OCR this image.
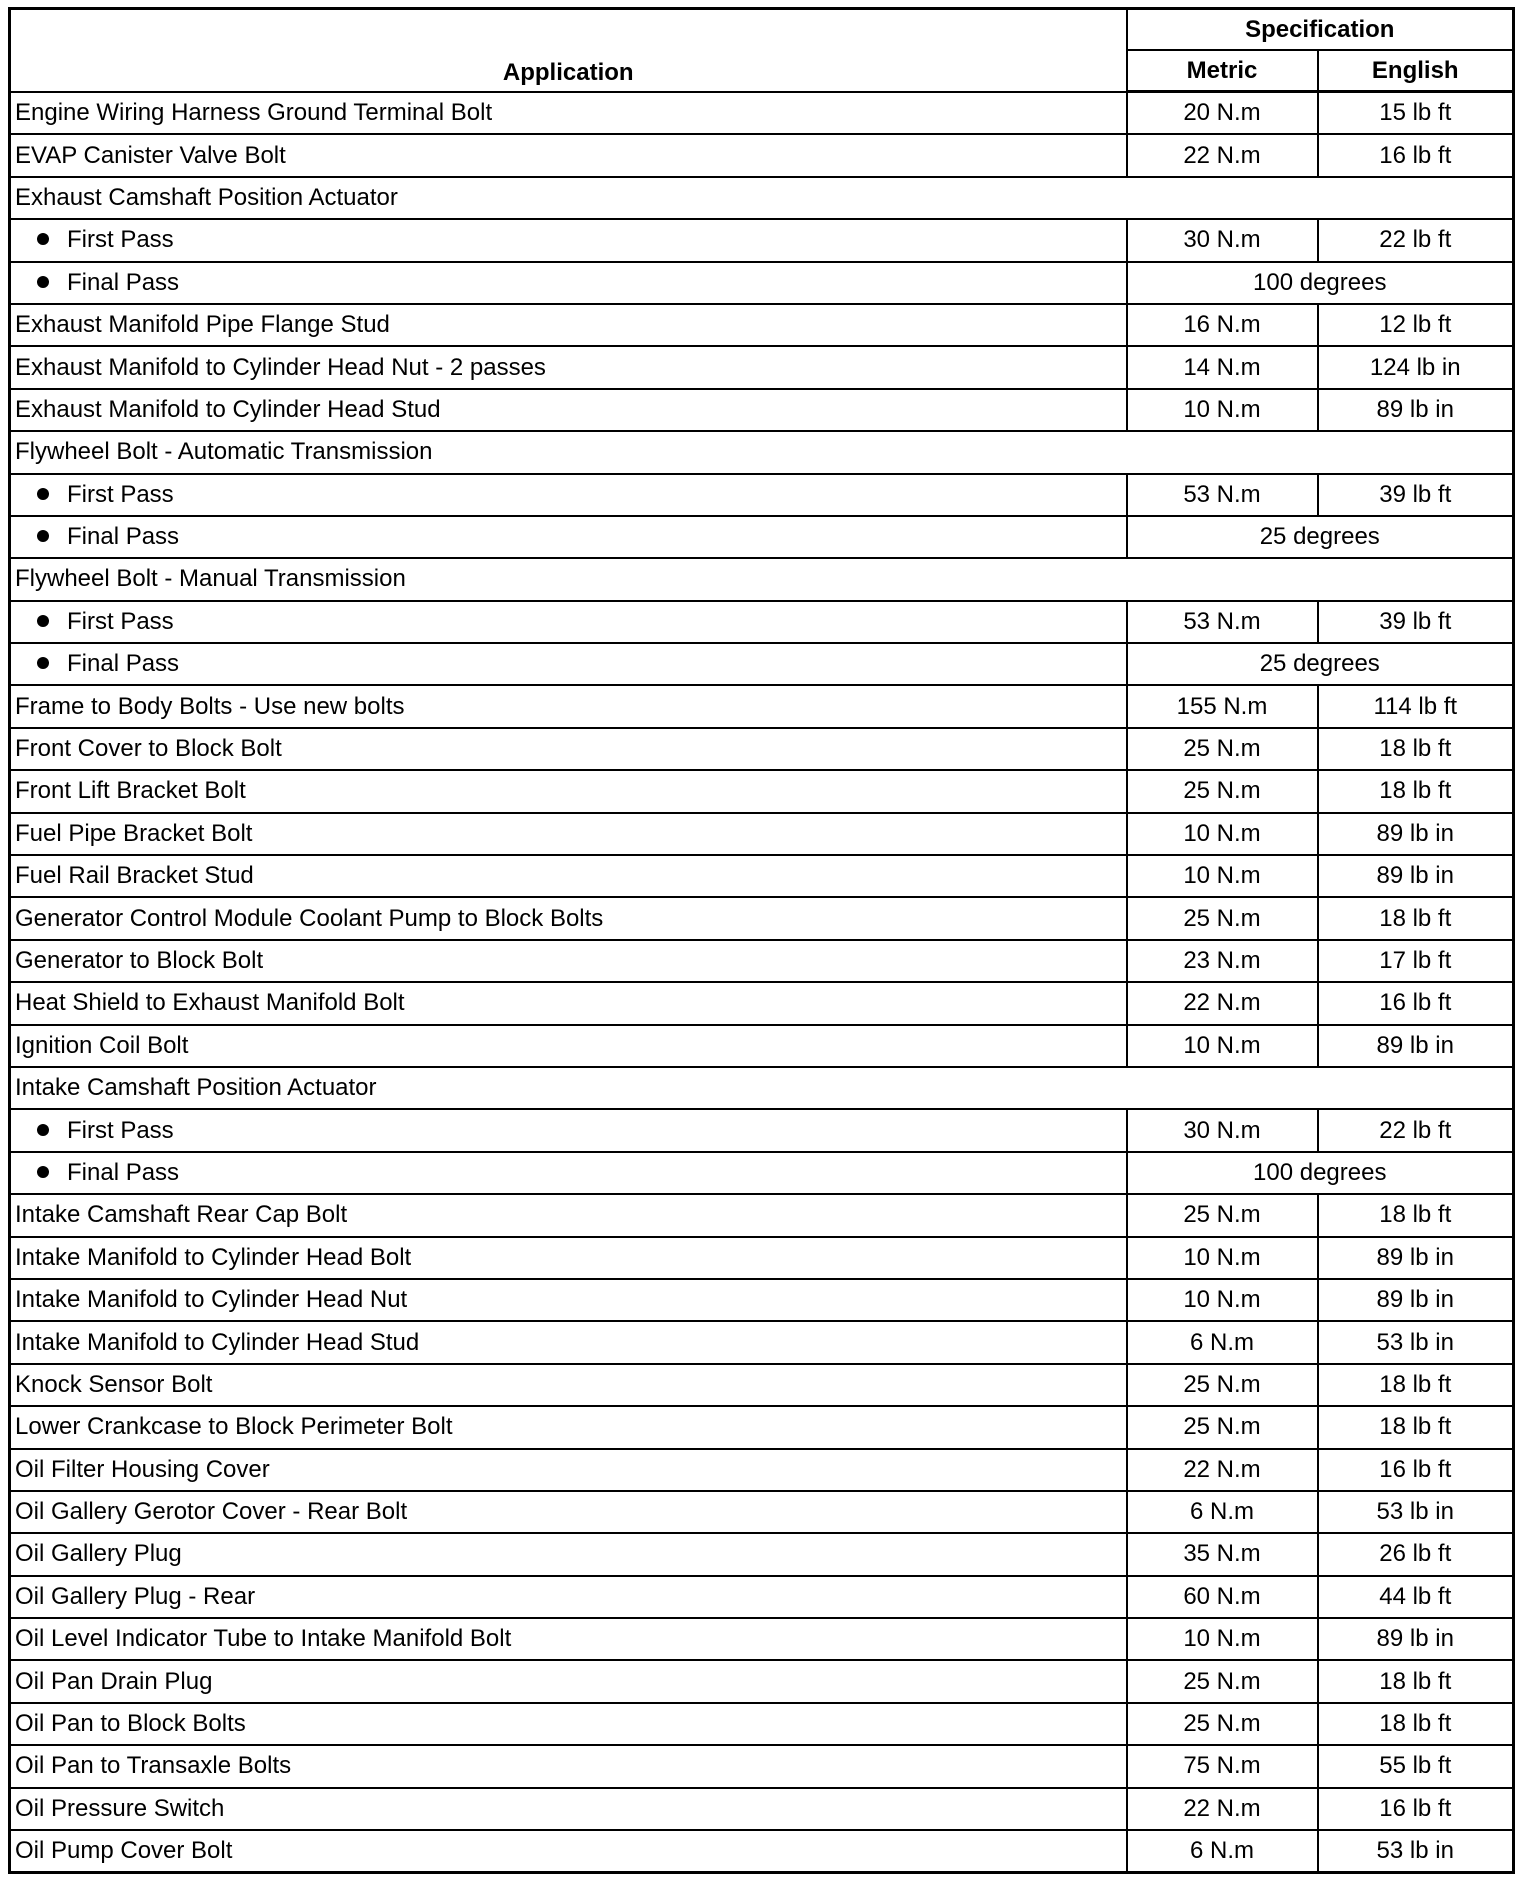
Application	Specification	
	Metric	English
Engine Wiring Harness Ground Terminal Bolt	20 N.m	15 lb ft
EVAP Canister Valve Bolt	22 N.m	16 lb ft
Exhaust Camshaft Position Actuator		
First Pass	30 N.m	22 lb ft
Final Pass	100 degrees	
Exhaust Manifold Pipe Flange Stud	16 N.m	12 lb ft
Exhaust Manifold to Cylinder Head Nut - 2 passes	14 N.m	124 lb in
Exhaust Manifold to Cylinder Head Stud	10 N.m	89 lb in
Flywheel Bolt - Automatic Transmission		
First Pass	53 N.m	39 lb ft
Final Pass	25 degrees	
Flywheel Bolt - Manual Transmission		
First Pass	53 N.m	39 lb ft
Final Pass	25 degrees	
Frame to Body Bolts - Use new bolts	155 N.m	114 lb ft
Front Cover to Block Bolt	25 N.m	18 lb ft
Front Lift Bracket Bolt	25 N.m	18 lb ft
Fuel Pipe Bracket Bolt	10 N.m	89 lb in
Fuel Rail Bracket Stud	10 N.m	89 lb in
Generator Control Module Coolant Pump to Block Bolts	25 N.m	18 lb ft
Generator to Block Bolt	23 N.m	17 lb ft
Heat Shield to Exhaust Manifold Bolt	22 N.m	16 lb ft
Ignition Coil Bolt	10 N.m	89 lb in
Intake Camshaft Position Actuator		
First Pass	30 N.m	22 lb ft
Final Pass	100 degrees	
Intake Camshaft Rear Cap Bolt	25 N.m	18 lb ft
Intake Manifold to Cylinder Head Bolt	10 N.m	89 lb in
Intake Manifold to Cylinder Head Nut	10 N.m	89 lb in
Intake Manifold to Cylinder Head Stud	6 N.m	53 lb in
Knock Sensor Bolt	25 N.m	18 lb ft
Lower Crankcase to Block Perimeter Bolt	25 N.m	18 lb ft
Oil Filter Housing Cover	22 N.m	16 lb ft
Oil Gallery Gerotor Cover - Rear Bolt	6 N.m	53 lb in
Oil Gallery Plug	35 N.m	26 lb ft
Oil Gallery Plug - Rear	60 N.m	44 lb ft
Oil Level Indicator Tube to Intake Manifold Bolt	10 N.m	89 lb in
Oil Pan Drain Plug	25 N.m	18 lb ft
Oil Pan to Block Bolts	25 N.m	18 lb ft
Oil Pan to Transaxle Bolts	75 N.m	55 lb ft
Oil Pressure Switch	22 N.m	16 lb ft
Oil Pump Cover Bolt	6 N.m	53 lb in
